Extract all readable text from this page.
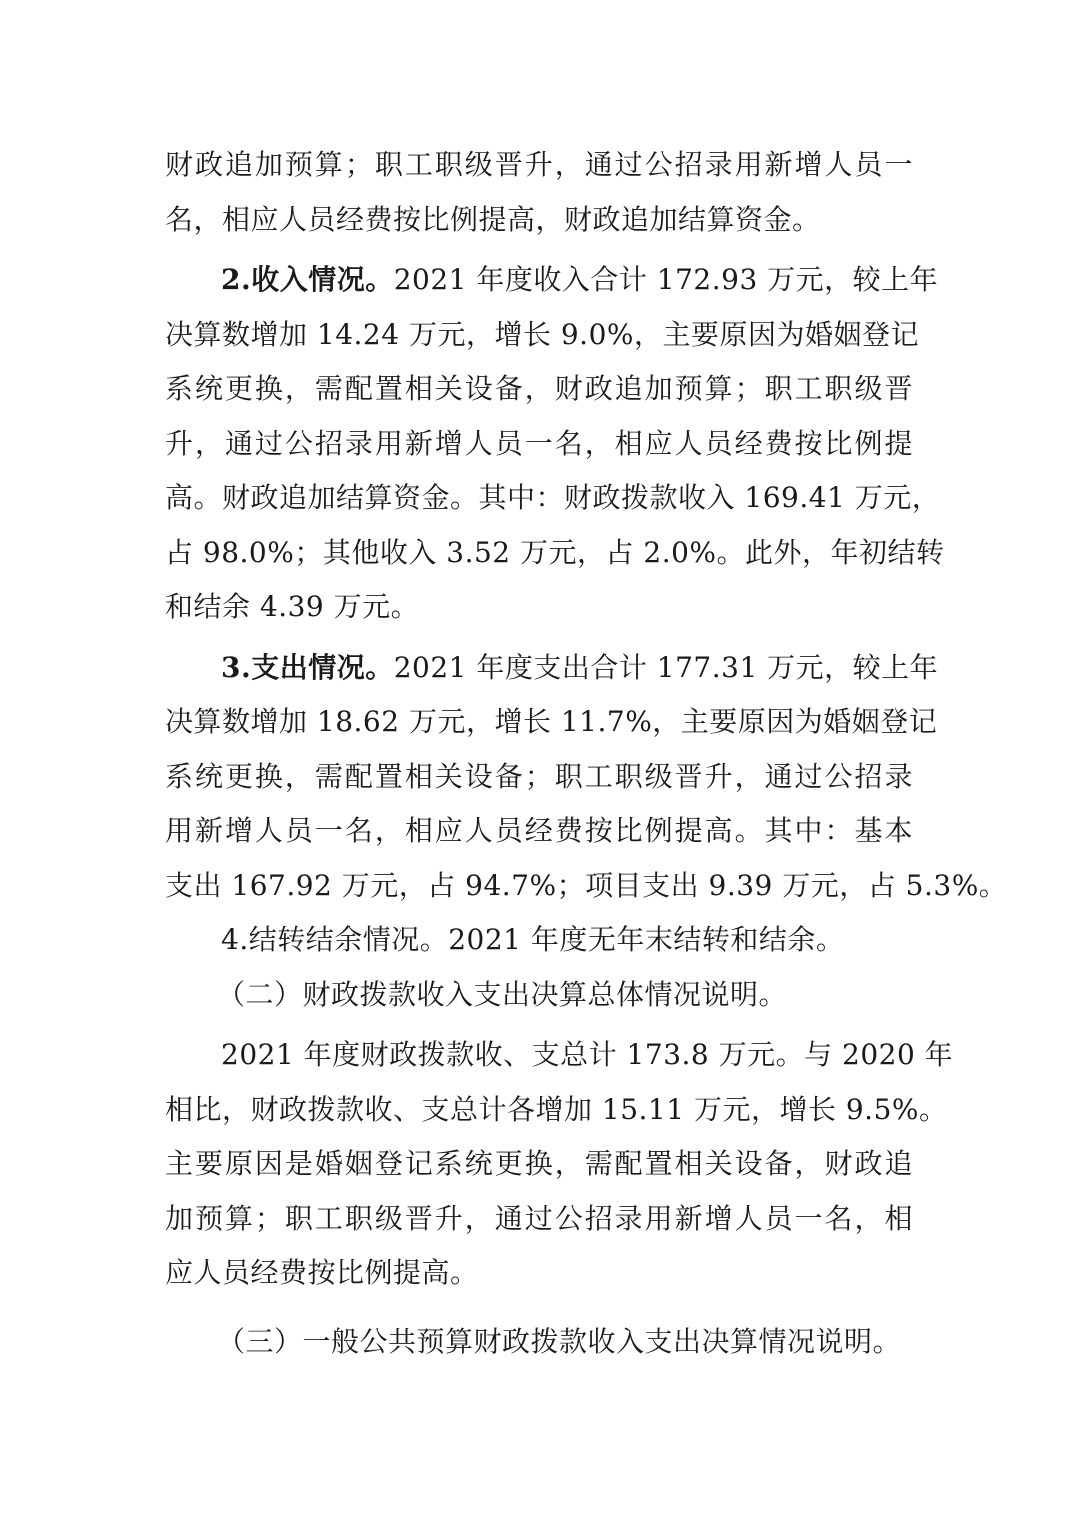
财政追加预算；职工职级晋升，通过公招录用新增人员一
名，相应人员经费按比例提高，财政追加结算资金。
2.收入情况。2021 年度收入合计 172.93 万元，较上年
决算数增加 14.24 万元，增长 9.0%，主要原因为婚姻登记
系统更换，需配置相关设备，财政追加预算；职工职级晋
升，通过公招录用新增人员一名，相应人员经费按比例提
高。财政追加结算资金。其中：财政拨款收入 169.41 万元，
占 98.0%；其他收入 3.52 万元，占 2.0%。此外，年初结转
和结余 4.39 万元。
3.支出情况。2021 年度支出合计 177.31 万元，较上年
决算数增加 18.62 万元，增长 11.7%，主要原因为婚姻登记
系统更换，需配置相关设备；职工职级晋升，通过公招录
用新增人员一名，相应人员经费按比例提高。其中：基本
支出 167.92 万元，占 94.7%；项目支出 9.39 万元，占 5.3%。
4.结转结余情况。2021 年度无年末结转和结余。
（二）财政拨款收入支出决算总体情况说明。
2021 年度财政拨款收、支总计 173.8 万元。与 2020 年
相比，财政拨款收、支总计各增加 15.11 万元，增长 9.5%。
主要原因是婚姻登记系统更换，需配置相关设备，财政追
加预算；职工职级晋升，通过公招录用新增人员一名，相
应人员经费按比例提高。
（三）一般公共预算财政拨款收入支出决算情况说明。
